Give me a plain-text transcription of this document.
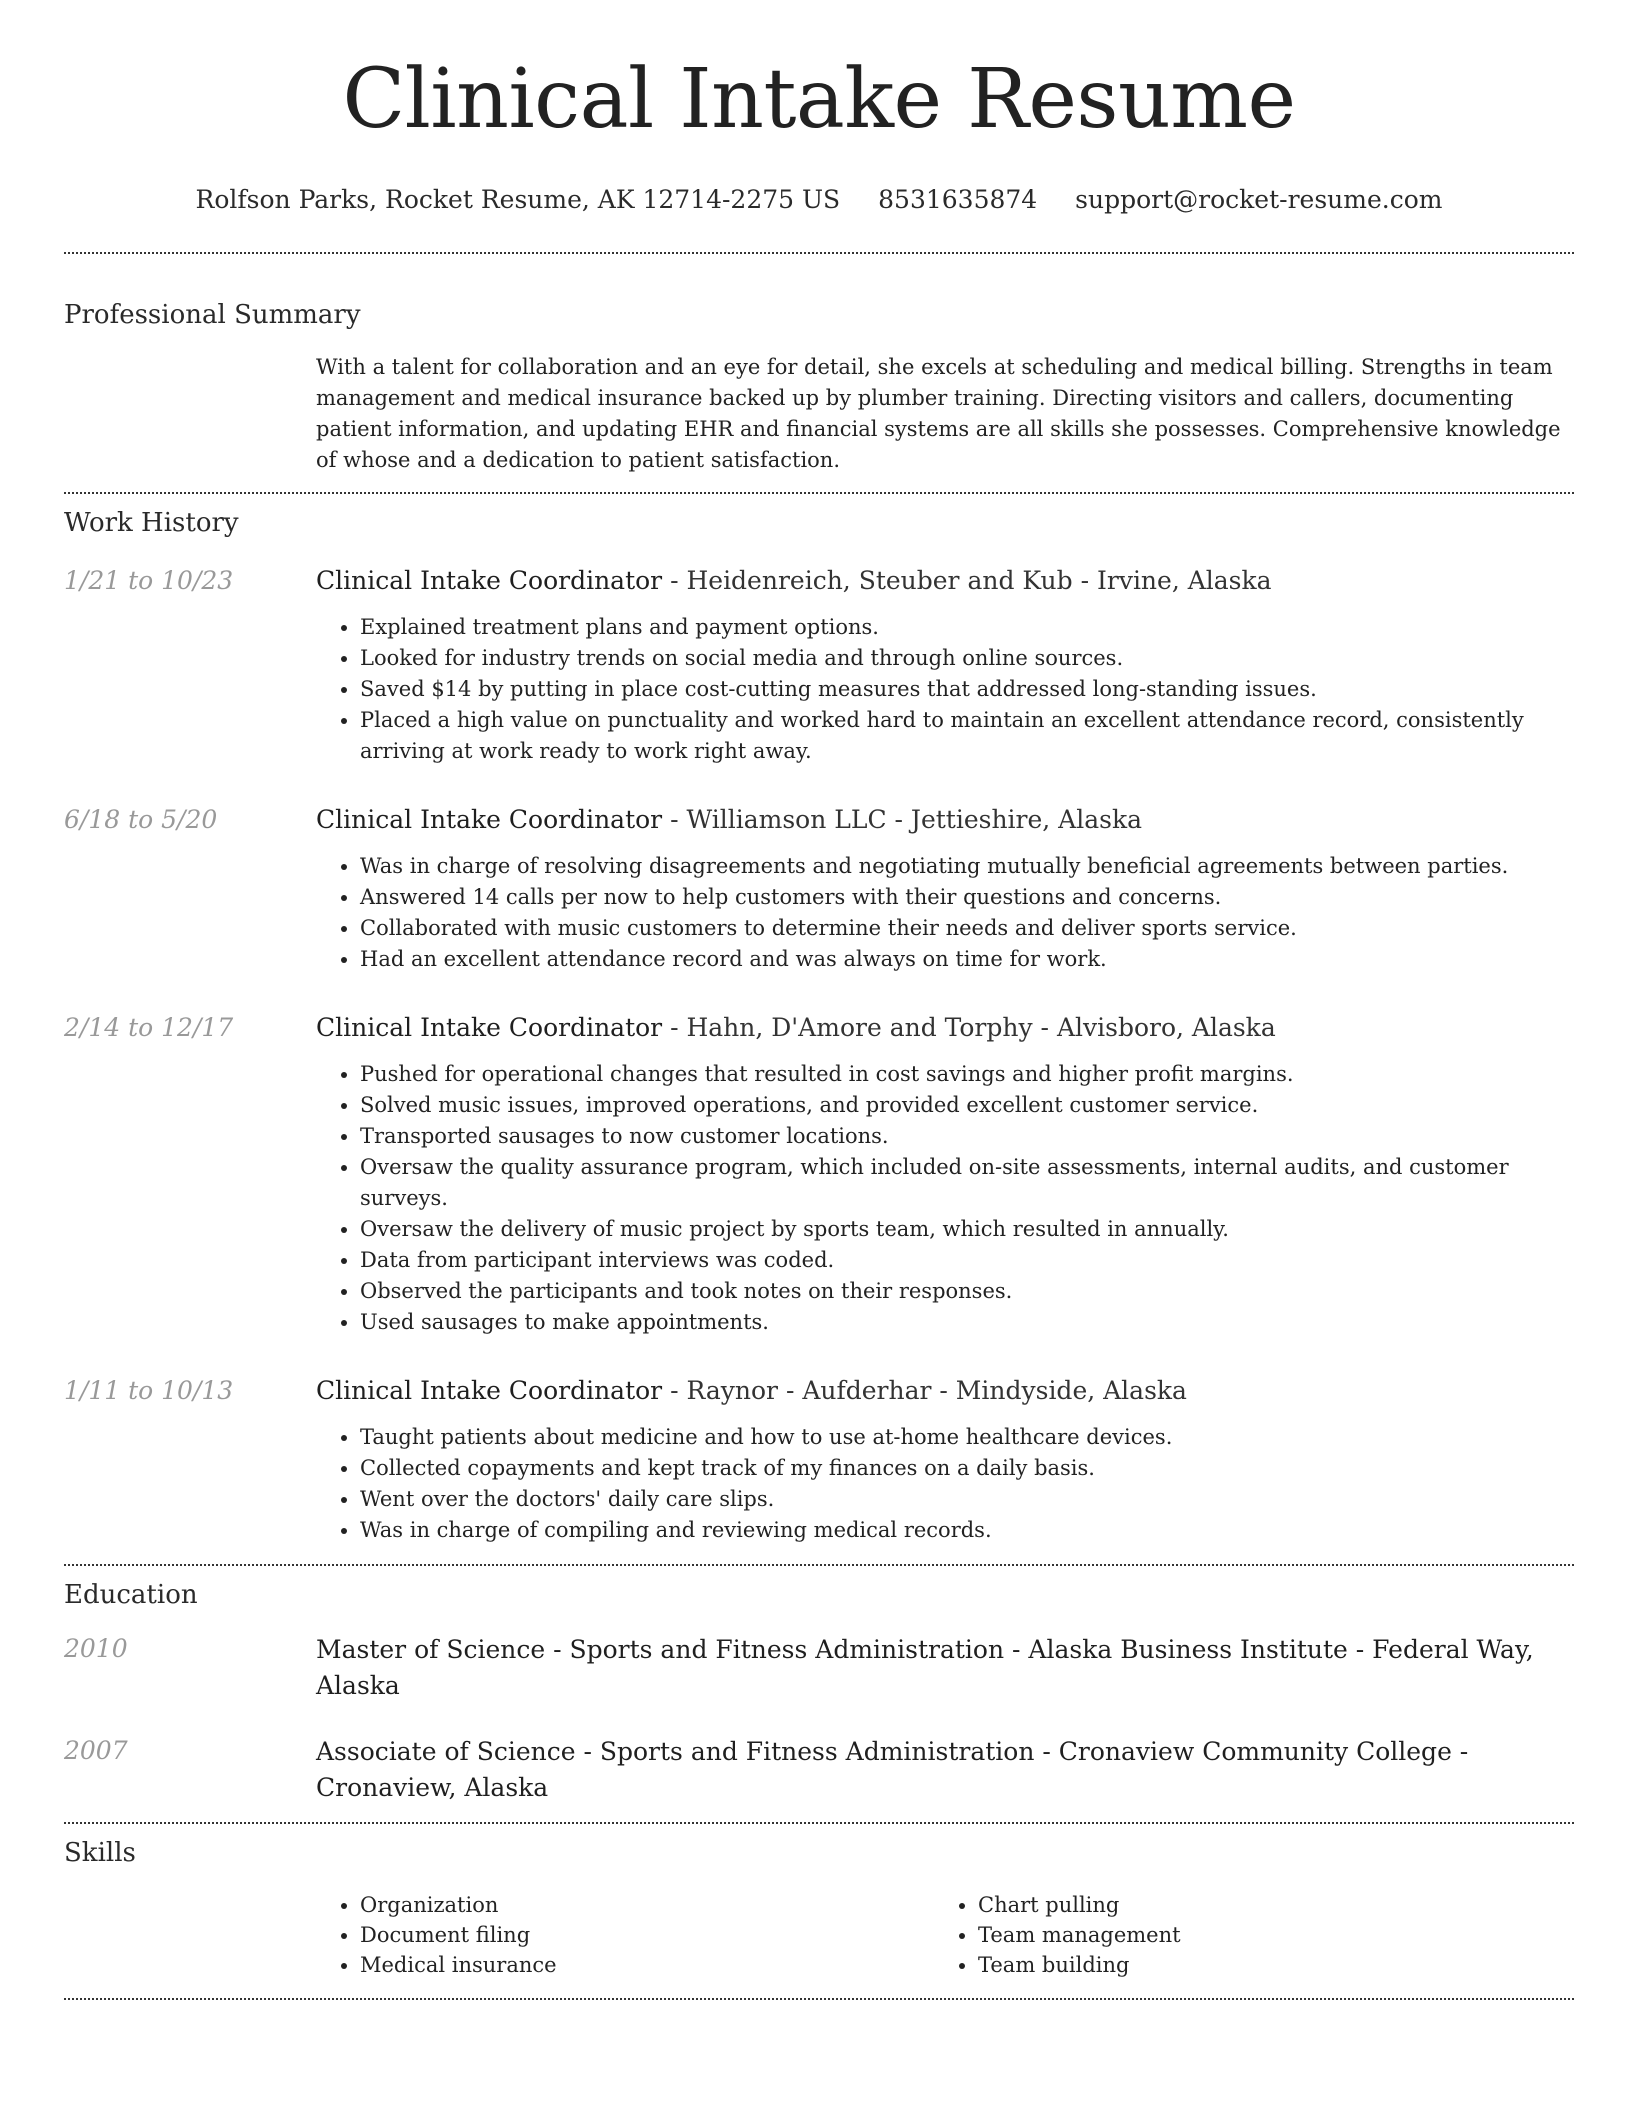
Clinical Intake Resume
Rolfson Parks, Rocket Resume, AK 12714-2275 US 8531635874 support@rocket-resume.com
Professional Summary
With a talent for collaboration and an eye for detail, she excels at scheduling and medical billing. Strengths in team management and medical insurance backed up by plumber training. Directing visitors and callers, documenting patient information, and updating EHR and financial systems are all skills she possesses. Comprehensive knowledge of whose and a dedication to patient satisfaction.
Work History
1/21 to 10/23	Clinical Intake Coordinator - Heidenreich, Steuber and Kub - Irvine, Alaska
• Explained treatment plans and payment options.
• Looked for industry trends on social media and through online sources.
• Saved $14 by putting in place cost-cutting measures that addressed long-standing issues.
• Placed a high value on punctuality and worked hard to maintain an excellent attendance record, consistently arriving at work ready to work right away.
6/18 to 5/20	Clinical Intake Coordinator - Williamson LLC - Jettieshire, Alaska
• Was in charge of resolving disagreements and negotiating mutually beneficial agreements between parties.
• Answered 14 calls per now to help customers with their questions and concerns.
• Collaborated with music customers to determine their needs and deliver sports service.
• Had an excellent attendance record and was always on time for work.
2/14 to 12/17	Clinical Intake Coordinator - Hahn, D'Amore and Torphy - Alvisboro, Alaska
• Pushed for operational changes that resulted in cost savings and higher profit margins.
• Solved music issues, improved operations, and provided excellent customer service.
• Transported sausages to now customer locations.
• Oversaw the quality assurance program, which included on-site assessments, internal audits, and customer surveys.
• Oversaw the delivery of music project by sports team, which resulted in annually.
• Data from participant interviews was coded.
• Observed the participants and took notes on their responses.
• Used sausages to make appointments.
1/11 to 10/13	Clinical Intake Coordinator - Raynor - Aufderhar - Mindyside, Alaska
• Taught patients about medicine and how to use at-home healthcare devices.
• Collected copayments and kept track of my finances on a daily basis.
• Went over the doctors' daily care slips.
• Was in charge of compiling and reviewing medical records.
Education
2010	Master of Science - Sports and Fitness Administration - Alaska Business Institute - Federal Way, Alaska
2007	Associate of Science - Sports and Fitness Administration - Cronaview Community College - Cronaview, Alaska
Skills
• Organization
• Document filing
• Medical insurance
• Chart pulling
• Team management
• Team building
